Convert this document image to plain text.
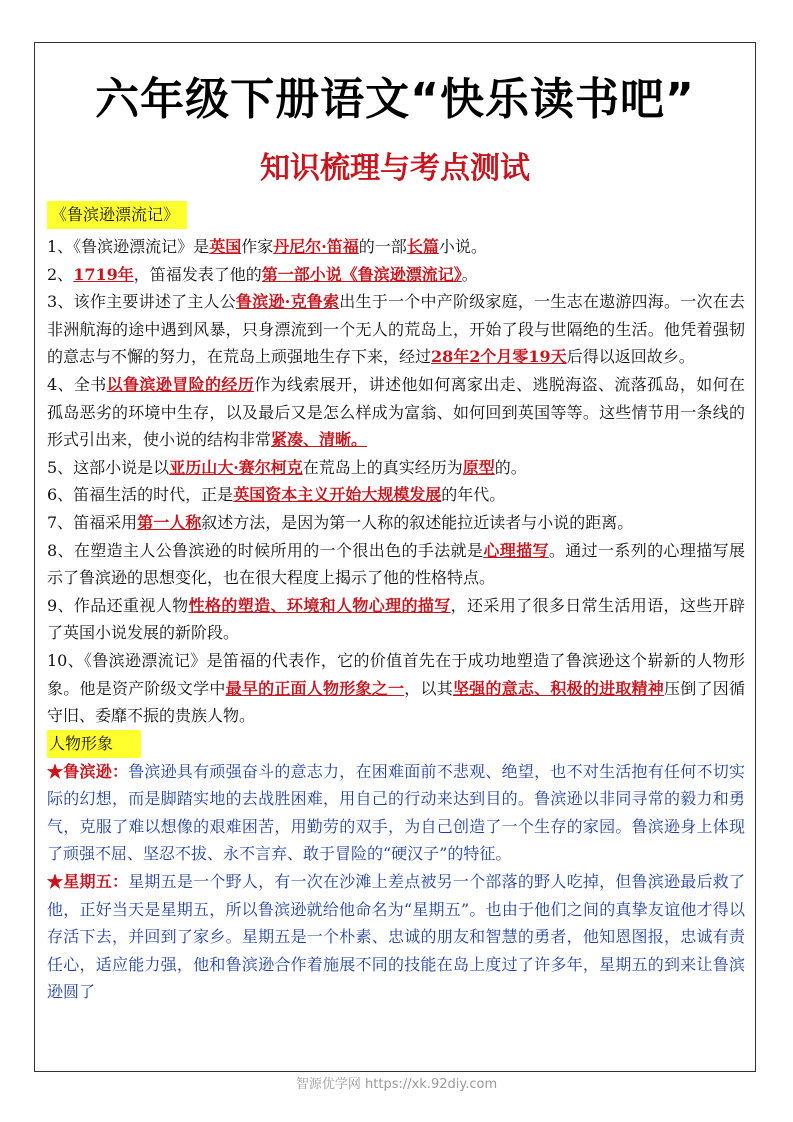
六年级下册语文“快乐读书吧”
知识梳理与考点测试
《鲁滨逊漂流记》

1、《鲁滨逊漂流记》是英国作家丹尼尔·笛福的一部长篇小说。

2、1719年，笛福发表了他的第一部小说《鲁滨逊漂流记》。

3、该作主要讲述了主人公鲁滨逊·克鲁索出生于一个中产阶级家庭，一生志在遨游四海。一次在去非洲航海的途中遇到风暴，只身漂流到一个无人的荒岛上，开始了段与世隔绝的生活。他凭着强韧的意志与不懈的努力，在荒岛上顽强地生存下来，经过28年2个月零19天后得以返回故乡。

4、全书以鲁滨逊冒险的经历作为线索展开，讲述他如何离家出走、逃脱海盗、流落孤岛，如何在孤岛恶劣的环境中生存，以及最后又是怎么样成为富翁、如何回到英国等等。这些情节用一条线的形式引出来，使小说的结构非常紧凑、清晰。

5、这部小说是以亚历山大·赛尔柯克在荒岛上的真实经历为原型的。

6、笛福生活的时代，正是英国资本主义开始大规模发展的年代。

7、笛福采用第一人称叙述方法，是因为第一人称的叙述能拉近读者与小说的距离。

8、在塑造主人公鲁滨逊的时候所用的一个很出色的手法就是心理描写。通过一系列的心理描写展示了鲁滨逊的思想变化，也在很大程度上揭示了他的性格特点。

9、作品还重视人物性格的塑造、环境和人物心理的描写，还采用了很多日常生活用语，这些开辟了英国小说发展的新阶段。

10、《鲁滨逊漂流记》是笛福的代表作，它的价值首先在于成功地塑造了鲁滨逊这个崭新的人物形象。他是资产阶级文学中最早的正面人物形象之一，以其坚强的意志、积极的进取精神压倒了因循守旧、委靡不振的贵族人物。

人物形象

★鲁滨逊：鲁滨逊具有顽强奋斗的意志力，在困难面前不悲观、绝望，也不对生活抱有任何不切实际的幻想，而是脚踏实地的去战胜困难，用自己的行动来达到目的。鲁滨逊以非同寻常的毅力和勇气，克服了难以想像的艰难困苦，用勤劳的双手，为自己创造了一个生存的家园。鲁滨逊身上体现了顽强不屈、坚忍不拔、永不言弃、敢于冒险的“硬汉子”的特征。

★星期五：星期五是一个野人，有一次在沙滩上差点被另一个部落的野人吃掉，但鲁滨逊最后救了他，正好当天是星期五，所以鲁滨逊就给他命名为“星期五”。也由于他们之间的真挚友谊他才得以存活下去，并回到了家乡。星期五是一个朴素、忠诚的朋友和智慧的勇者，他知恩图报，忠诚有责任心，适应能力强，他和鲁滨逊合作着施展不同的技能在岛上度过了许多年，星期五的到来让鲁滨逊圆了

智源优学网 https://xk.92diy.com
